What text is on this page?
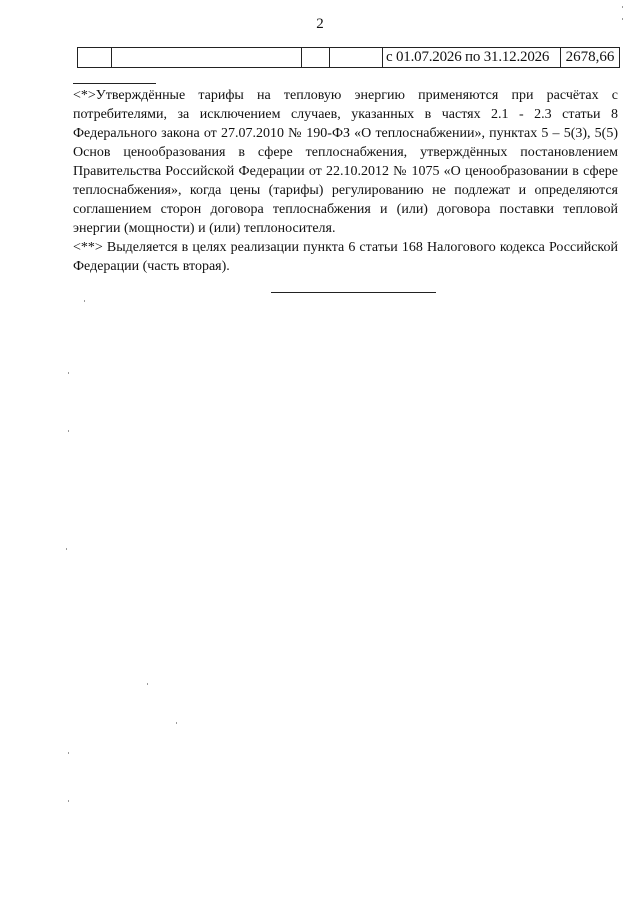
2
				с 01.07.2026 по 31.12.2026	2678,66

<*>Утверждённые тарифы на тепловую энергию применяются при расчётах с потребителями, за исключением случаев, указанных в частях 2.1 - 2.3 статьи 8 Федерального закона от 27.07.2010 № 190-ФЗ «О теплоснабжении», пунктах 5 – 5(3), 5(5) Основ ценообразования в сфере теплоснабжения, утверждённых постановлением Правительства Российской Федерации от 22.10.2012 № 1075 «О ценообразовании в сфере теплоснабжения», когда цены (тарифы) регулированию не подлежат и определяются соглашением сторон договора теплоснабжения и (или) договора поставки тепловой энергии (мощности) и (или) теплоносителя.

<**> Выделяется в целях реализации пункта 6 статьи 168 Налогового кодекса Российской Федерации (часть вторая).
